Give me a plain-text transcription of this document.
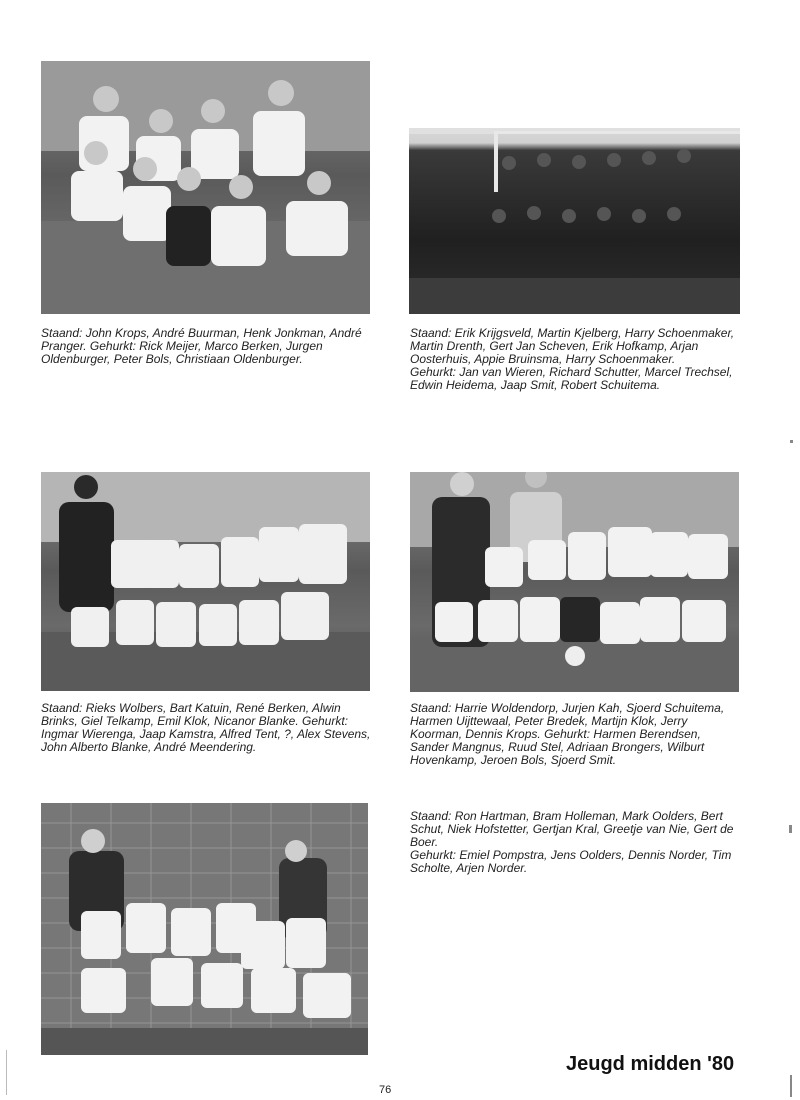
Staand: John Krops, André Buurman, Henk Jonkman, André Pranger. Gehurkt: Rick Meijer, Marco Berken, Jurgen Oldenburger, Peter Bols, Christiaan Oldenburger.

Staand: Erik Krijgsveld, Martin Kjelberg, Harry Schoenmaker, Martin Drenth, Gert Jan Scheven, Erik Hofkamp, Arjan Oosterhuis, Appie Bruinsma, Harry Schoenmaker.
Gehurkt: Jan van Wieren, Richard Schutter, Marcel Trechsel, Edwin Heidema, Jaap Smit, Robert Schuitema.

Staand: Rieks Wolbers, Bart Katuin, René Berken, Alwin Brinks, Giel Telkamp, Emil Klok, Nicanor Blanke. Gehurkt: Ingmar Wierenga, Jaap Kamstra, Alfred Tent, ?, Alex Stevens, John Alberto Blanke, André Meendering.

Staand: Harrie Woldendorp, Jurjen Kah, Sjoerd Schuitema, Harmen Uijttewaal, Peter Bredek, Martijn Klok, Jerry Koorman, Dennis Krops. Gehurkt: Harmen Berendsen, Sander Mangnus, Ruud Stel, Adriaan Brongers, Wilburt Hovenkamp, Jeroen Bols, Sjoerd Smit.

Staand: Ron Hartman, Bram Holleman, Mark Oolders, Bert Schut, Niek Hofstetter, Gertjan Kral, Greetje van Nie, Gert de Boer.
Gehurkt: Emiel Pompstra, Jens Oolders, Dennis Norder, Tim Scholte, Arjen Norder.
Jeugd midden '80
76
